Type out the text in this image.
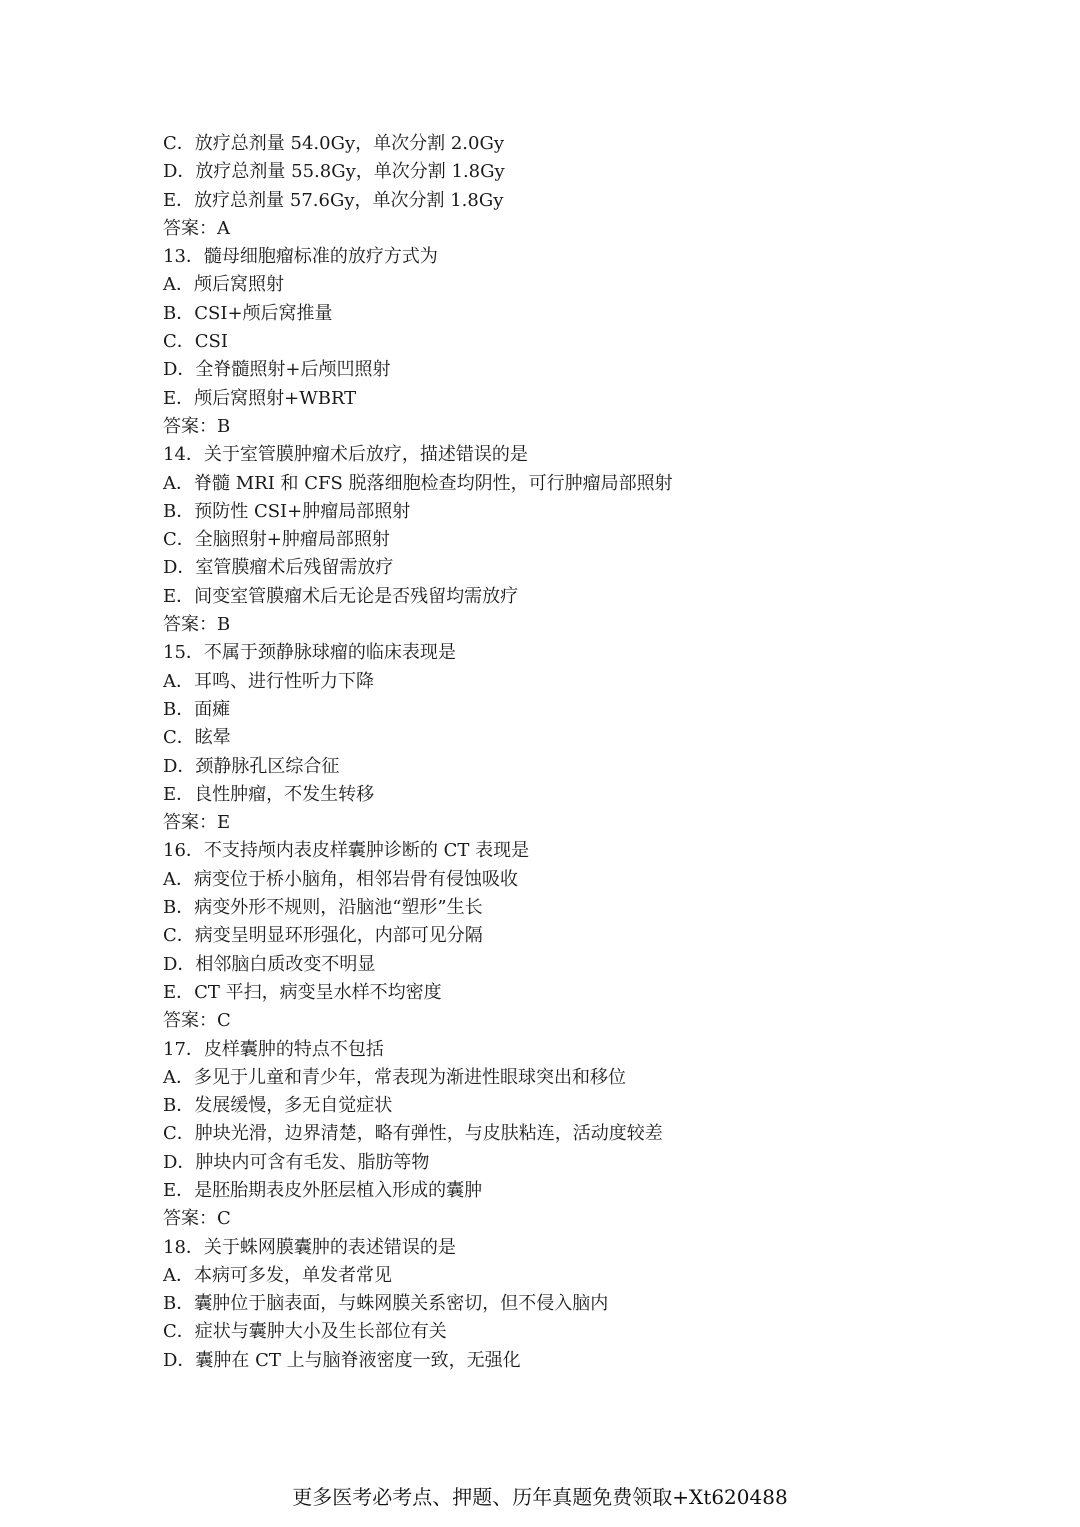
C．放疗总剂量 54.0Gy，单次分割 2.0Gy
D．放疗总剂量 55.8Gy，单次分割 1.8Gy
E．放疗总剂量 57.6Gy，单次分割 1.8Gy
答案：A
13．髓母细胞瘤标准的放疗方式为
A．颅后窝照射
B．CSI+颅后窝推量
C．CSI
D．全脊髓照射+后颅凹照射
E．颅后窝照射+WBRT
答案：B
14．关于室管膜肿瘤术后放疗，描述错误的是
A．脊髓 MRI 和 CFS 脱落细胞检查均阴性，可行肿瘤局部照射
B．预防性 CSI+肿瘤局部照射
C．全脑照射+肿瘤局部照射
D．室管膜瘤术后残留需放疗
E．间变室管膜瘤术后无论是否残留均需放疗
答案：B
15．不属于颈静脉球瘤的临床表现是
A．耳鸣、进行性听力下降
B．面瘫
C．眩晕
D．颈静脉孔区综合征
E．良性肿瘤，不发生转移
答案：E
16．不支持颅内表皮样囊肿诊断的 CT 表现是
A．病变位于桥小脑角，相邻岩骨有侵蚀吸收
B．病变外形不规则，沿脑池“塑形”生长
C．病变呈明显环形强化，内部可见分隔
D．相邻脑白质改变不明显
E．CT 平扫，病变呈水样不均密度
答案：C
17．皮样囊肿的特点不包括
A．多见于儿童和青少年，常表现为渐进性眼球突出和移位
B．发展缓慢，多无自觉症状
C．肿块光滑，边界清楚，略有弹性，与皮肤粘连，活动度较差
D．肿块内可含有毛发、脂肪等物
E．是胚胎期表皮外胚层植入形成的囊肿
答案：C
18．关于蛛网膜囊肿的表述错误的是
A．本病可多发，单发者常见
B．囊肿位于脑表面，与蛛网膜关系密切，但不侵入脑内
C．症状与囊肿大小及生长部位有关
D．囊肿在 CT 上与脑脊液密度一致，无强化
更多医考必考点、押题、历年真题免费领取+Xt620488
